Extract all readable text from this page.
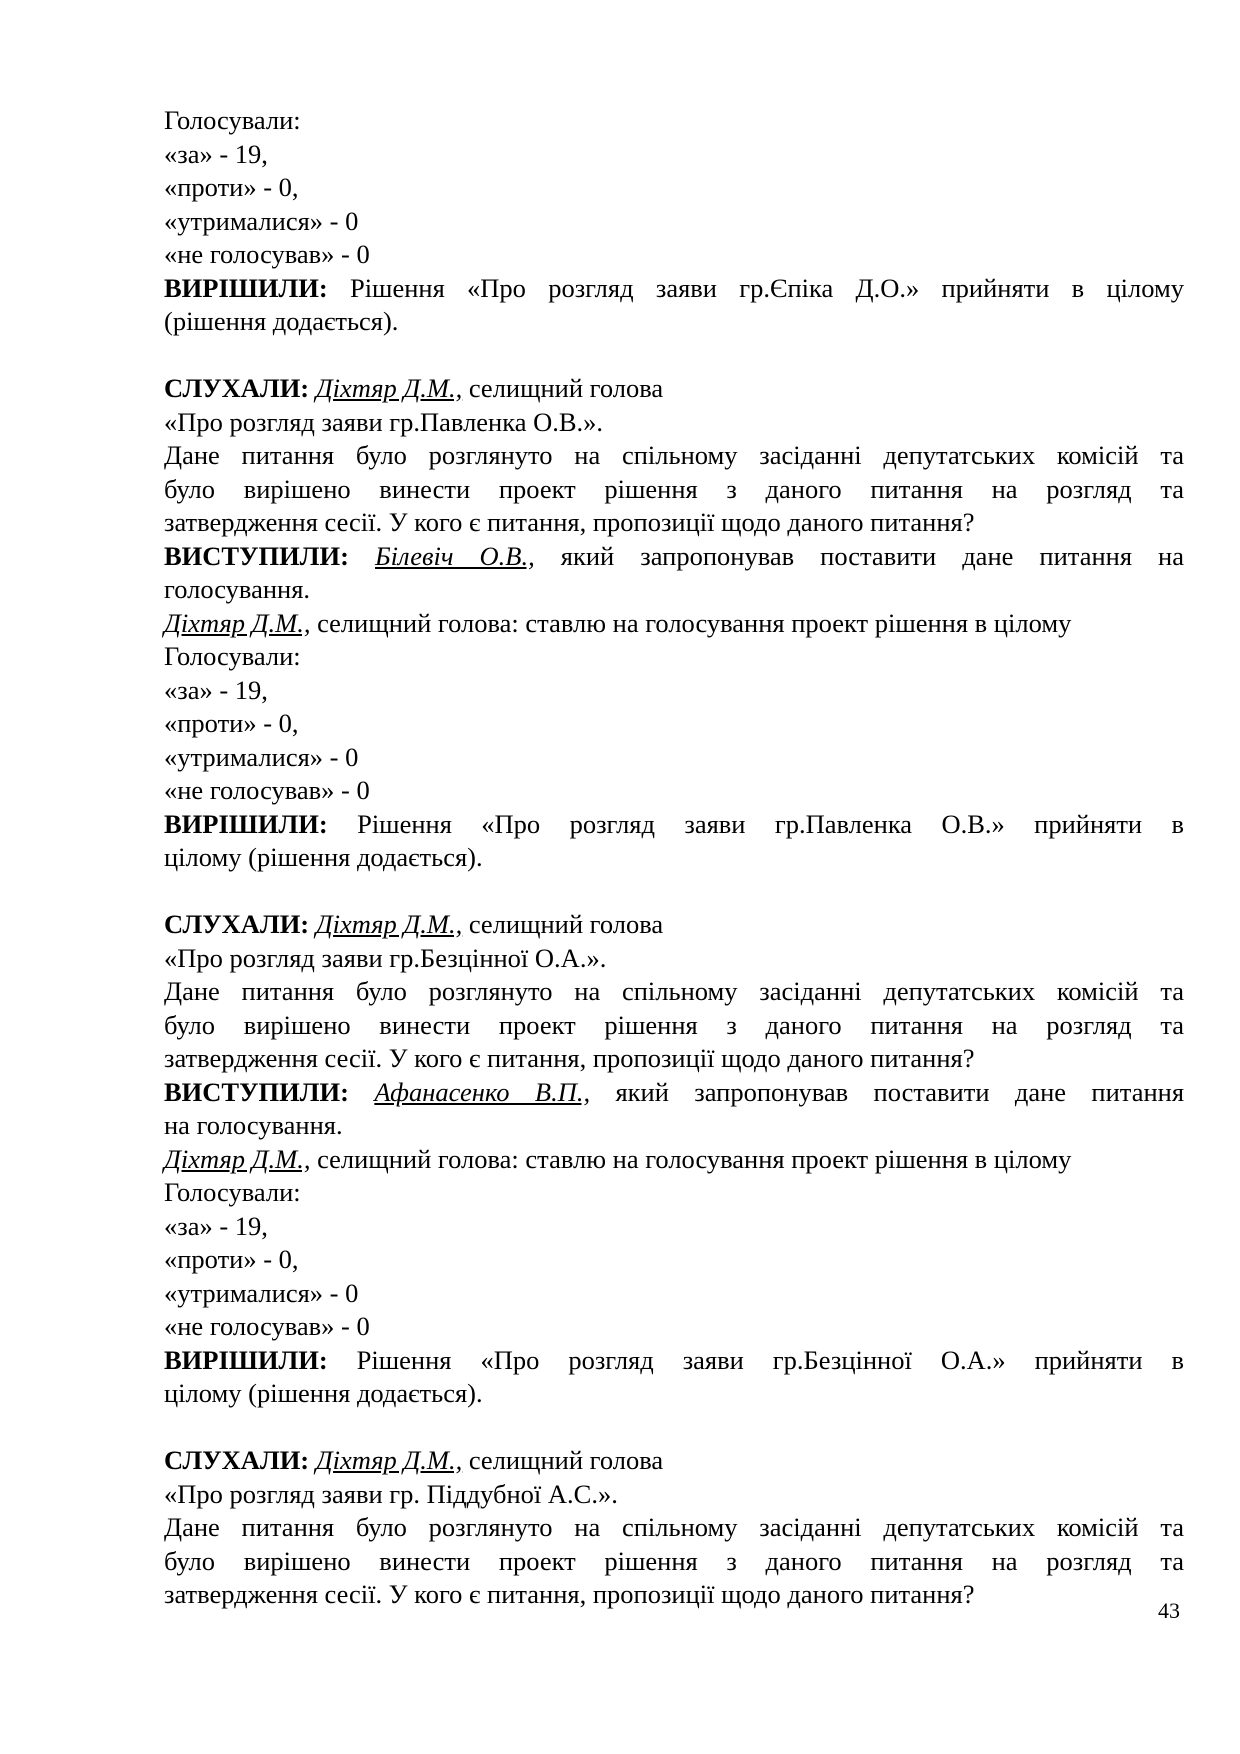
Голосували:
«за» - 19,
«проти» - 0,
«утрималися» - 0
«не голосував» - 0
ВИРІШИЛИ: Рішення «Про розгляд заяви гр.Єпіка Д.О.» прийняти в цілому
(рішення додається).
СЛУХАЛИ: Діхтяр Д.М., селищний голова
«Про розгляд заяви гр.Павленка О.В.».
Дане питання було розглянуто на спільному засіданні депутатських комісій та
було вирішено винести проект рішення з даного питання на розгляд та
затвердження сесії. У кого є питання, пропозиції щодо даного питання?
ВИСТУПИЛИ: Білевіч О.В., який запропонував поставити дане питання на
голосування.
Діхтяр Д.М., селищний голова: ставлю на голосування проект рішення в цілому
Голосували:
«за» - 19,
«проти» - 0,
«утрималися» - 0
«не голосував» - 0
ВИРІШИЛИ: Рішення «Про розгляд заяви гр.Павленка О.В.» прийняти в
цілому (рішення додається).
СЛУХАЛИ: Діхтяр Д.М., селищний голова
«Про розгляд заяви гр.Безцінної О.А.».
Дане питання було розглянуто на спільному засіданні депутатських комісій та
було вирішено винести проект рішення з даного питання на розгляд та
затвердження сесії. У кого є питання, пропозиції щодо даного питання?
ВИСТУПИЛИ: Афанасенко В.П., який запропонував поставити дане питання
на голосування.
Діхтяр Д.М., селищний голова: ставлю на голосування проект рішення в цілому
Голосували:
«за» - 19,
«проти» - 0,
«утрималися» - 0
«не голосував» - 0
ВИРІШИЛИ: Рішення «Про розгляд заяви гр.Безцінної О.А.» прийняти в
цілому (рішення додається).
СЛУХАЛИ: Діхтяр Д.М., селищний голова
«Про розгляд заяви гр. Піддубної А.С.».
Дане питання було розглянуто на спільному засіданні депутатських комісій та
було вирішено винести проект рішення з даного питання на розгляд та
затвердження сесії. У кого є питання, пропозиції щодо даного питання?
43
